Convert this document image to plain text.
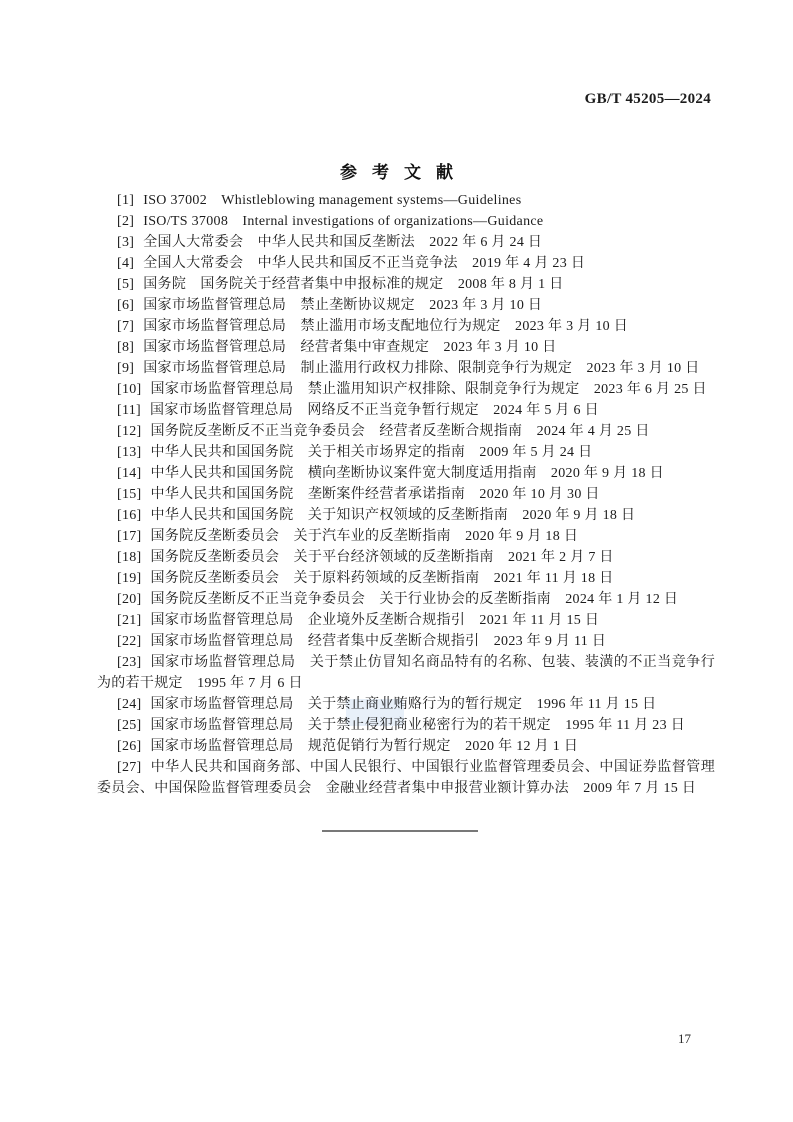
GB/T 45205—2024
参考文献

[1] ISO 37002　Whistleblowing management systems—Guidelines

[2] ISO/TS 37008　Internal investigations of organizations—Guidance

[3] 全国人大常委会　中华人民共和国反垄断法　2022 年 6 月 24 日

[4] 全国人大常委会　中华人民共和国反不正当竞争法　2019 年 4 月 23 日

[5] 国务院　国务院关于经营者集中申报标准的规定　2008 年 8 月 1 日

[6] 国家市场监督管理总局　禁止垄断协议规定　2023 年 3 月 10 日

[7] 国家市场监督管理总局　禁止滥用市场支配地位行为规定　2023 年 3 月 10 日

[8] 国家市场监督管理总局　经营者集中审查规定　2023 年 3 月 10 日

[9] 国家市场监督管理总局　制止滥用行政权力排除、限制竞争行为规定　2023 年 3 月 10 日

[10] 国家市场监督管理总局　禁止滥用知识产权排除、限制竞争行为规定　2023 年 6 月 25 日

[11] 国家市场监督管理总局　网络反不正当竞争暂行规定　2024 年 5 月 6 日

[12] 国务院反垄断反不正当竞争委员会　经营者反垄断合规指南　2024 年 4 月 25 日

[13] 中华人民共和国国务院　关于相关市场界定的指南　2009 年 5 月 24 日

[14] 中华人民共和国国务院　横向垄断协议案件宽大制度适用指南　2020 年 9 月 18 日

[15] 中华人民共和国国务院　垄断案件经营者承诺指南　2020 年 10 月 30 日

[16] 中华人民共和国国务院　关于知识产权领域的反垄断指南　2020 年 9 月 18 日

[17] 国务院反垄断委员会　关于汽车业的反垄断指南　2020 年 9 月 18 日

[18] 国务院反垄断委员会　关于平台经济领域的反垄断指南　2021 年 2 月 7 日

[19] 国务院反垄断委员会　关于原料药领域的反垄断指南　2021 年 11 月 18 日

[20] 国务院反垄断反不正当竞争委员会　关于行业协会的反垄断指南　2024 年 1 月 12 日

[21] 国家市场监督管理总局　企业境外反垄断合规指引　2021 年 11 月 15 日

[22] 国家市场监督管理总局　经营者集中反垄断合规指引　2023 年 9 月 11 日

[23] 国家市场监督管理总局　关于禁止仿冒知名商品特有的名称、包装、装潢的不正当竞争行为的若干规定　1995 年 7 月 6 日

[24] 国家市场监督管理总局　关于禁止商业贿赂行为的暂行规定　1996 年 11 月 15 日

[25] 国家市场监督管理总局　关于禁止侵犯商业秘密行为的若干规定　1995 年 11 月 23 日

[26] 国家市场监督管理总局　规范促销行为暂行规定　2020 年 12 月 1 日

[27] 中华人民共和国商务部、中国人民银行、中国银行业监督管理委员会、中国证券监督管理委员会、中国保险监督管理委员会　金融业经营者集中申报营业额计算办法　2009 年 7 月 15 日

17
